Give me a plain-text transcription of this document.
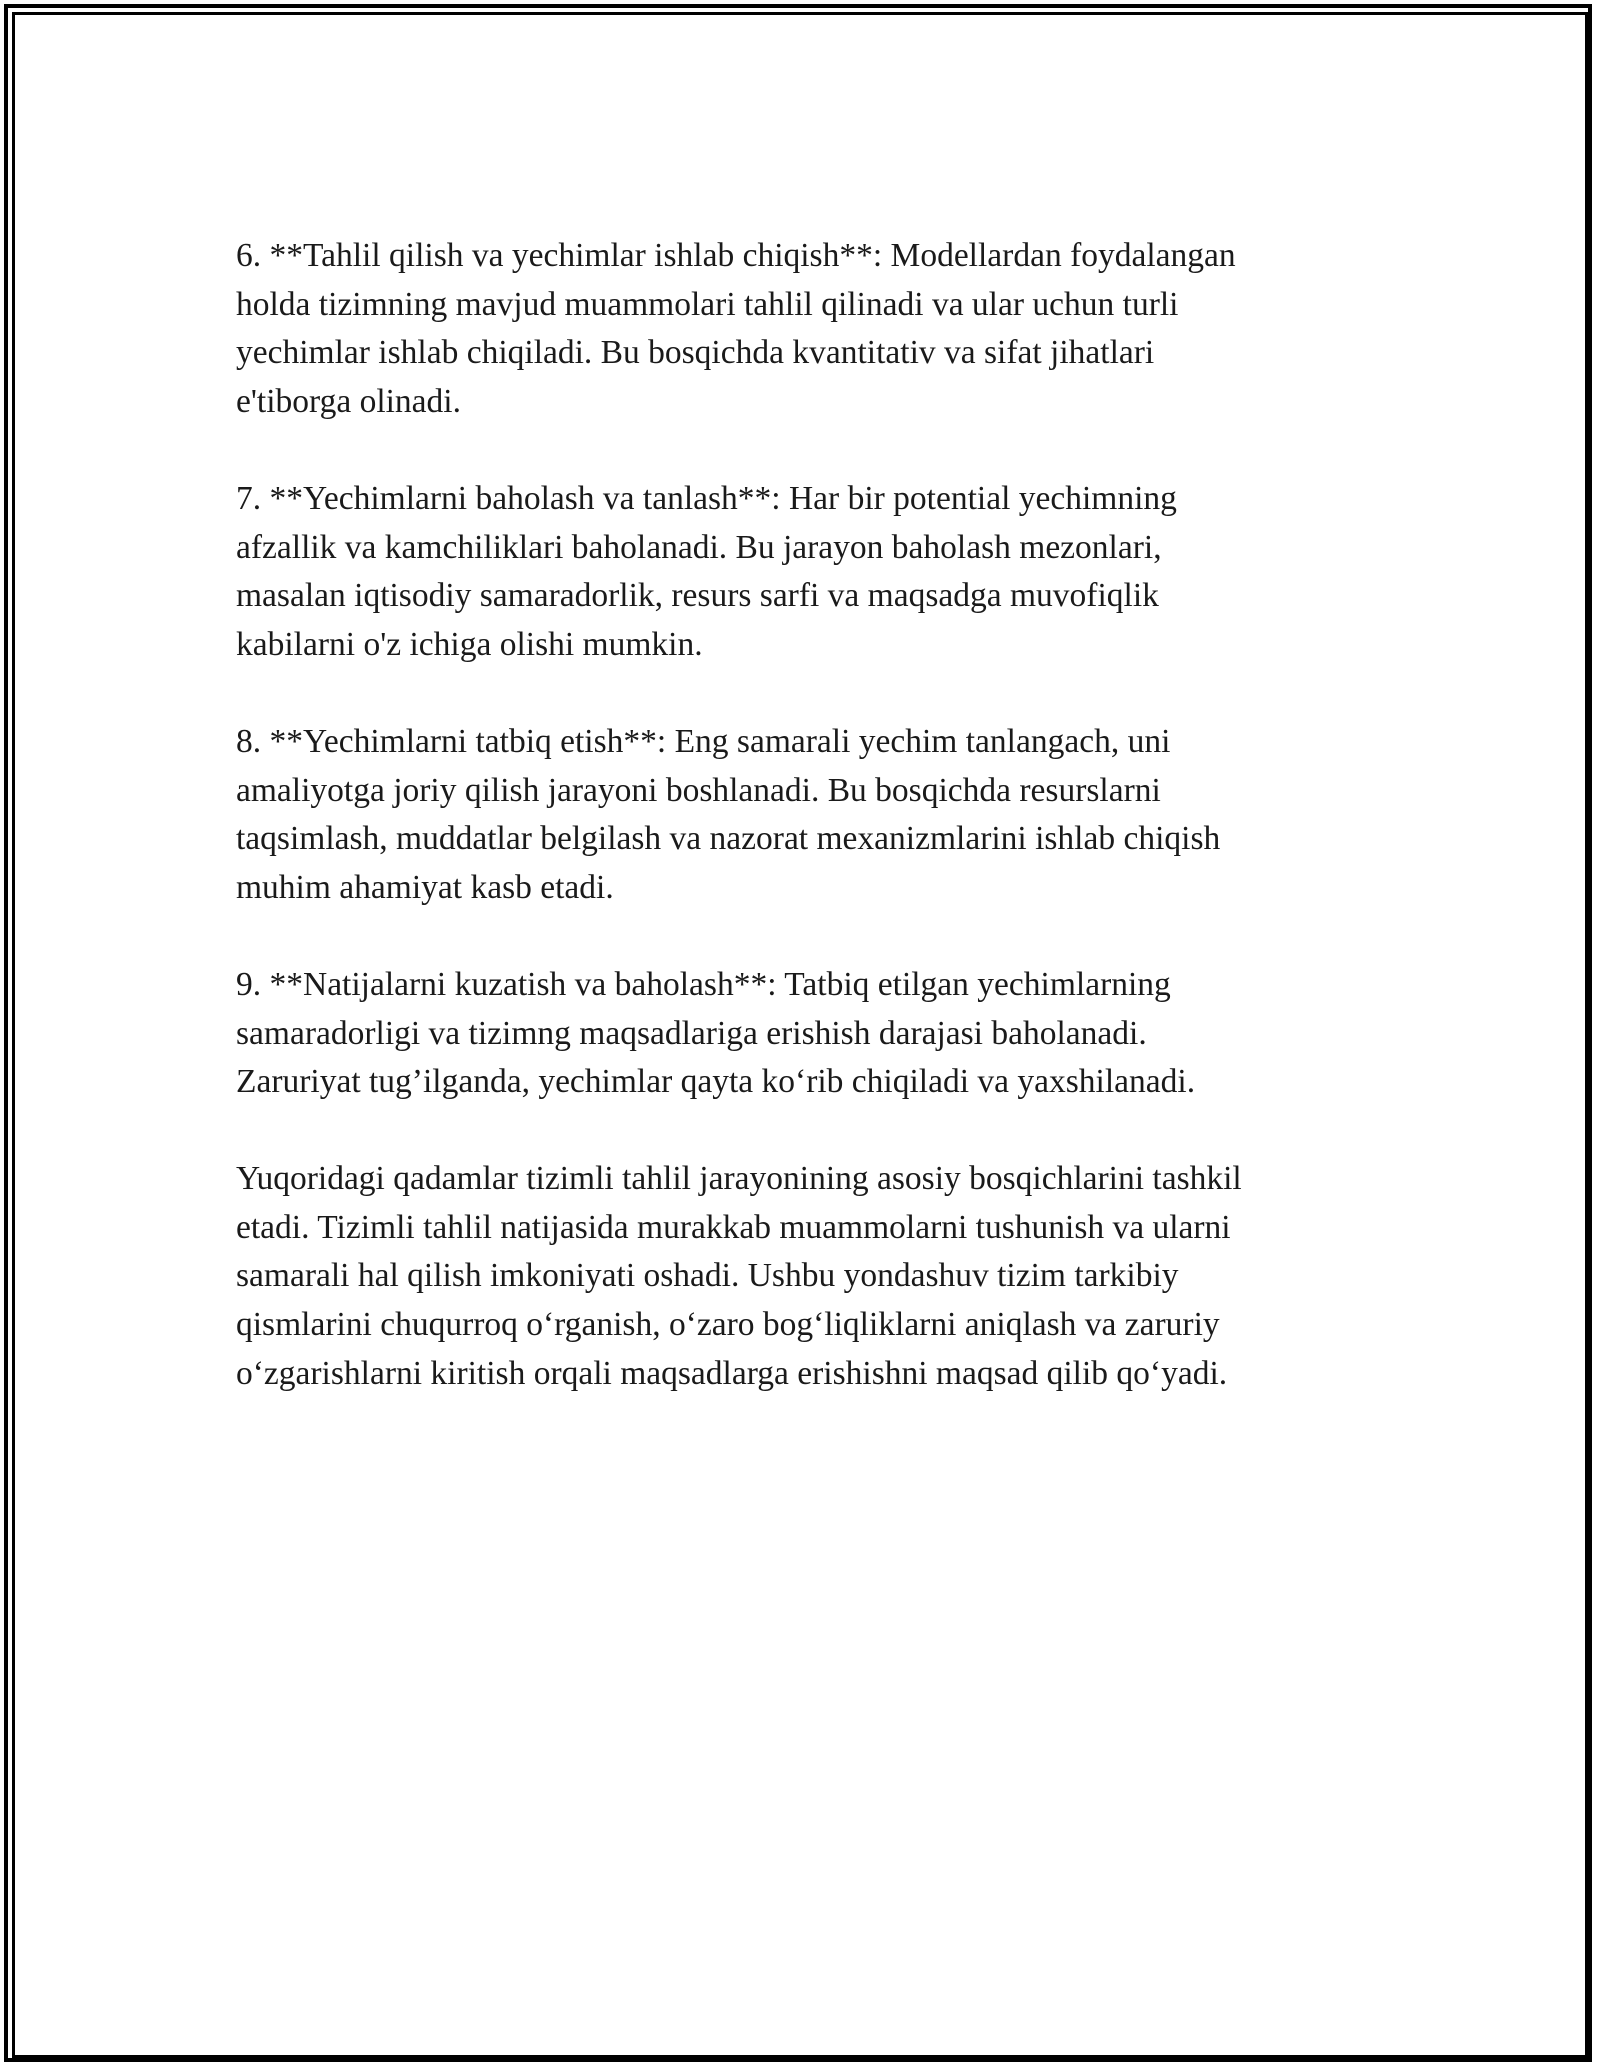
6. **Tahlil qilish va yechimlar ishlab chiqish**: Modellardan foydalangan
holda tizimning mavjud muammolari tahlil qilinadi va ular uchun turli
yechimlar ishlab chiqiladi. Bu bosqichda kvantitativ va sifat jihatlari
e'tiborga olinadi.

7. **Yechimlarni baholash va tanlash**: Har bir potential yechimning
afzallik va kamchiliklari baholanadi. Bu jarayon baholash mezonlari,
masalan iqtisodiy samaradorlik, resurs sarfi va maqsadga muvofiqlik
kabilarni o'z ichiga olishi mumkin.

8. **Yechimlarni tatbiq etish**: Eng samarali yechim tanlangach, uni
amaliyotga joriy qilish jarayoni boshlanadi. Bu bosqichda resurslarni
taqsimlash, muddatlar belgilash va nazorat mexanizmlarini ishlab chiqish
muhim ahamiyat kasb etadi.

9. **Natijalarni kuzatish va baholash**: Tatbiq etilgan yechimlarning
samaradorligi va tizimng maqsadlariga erishish darajasi baholanadi.
Zaruriyat tug’ilganda, yechimlar qayta ko‘rib chiqiladi va yaxshilanadi.

Yuqoridagi qadamlar tizimli tahlil jarayonining asosiy bosqichlarini tashkil
etadi. Tizimli tahlil natijasida murakkab muammolarni tushunish va ularni
samarali hal qilish imkoniyati oshadi. Ushbu yondashuv tizim tarkibiy
qismlarini chuqurroq o‘rganish, o‘zaro bog‘liqliklarni aniqlash va zaruriy
o‘zgarishlarni kiritish orqali maqsadlarga erishishni maqsad qilib qo‘yadi.
